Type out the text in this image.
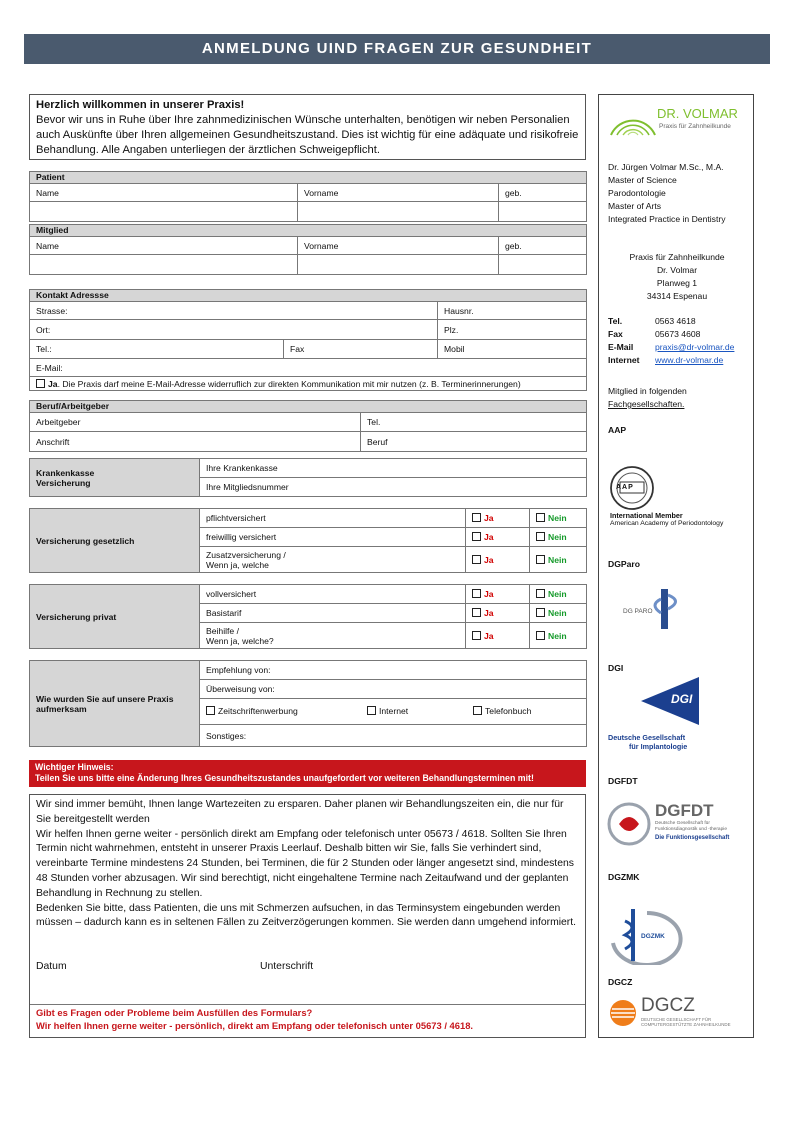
ANMELDUNG UIND FRAGEN ZUR GESUNDHEIT
Herzlich willkommen in unserer Praxis!
Bevor wir uns in Ruhe über Ihre zahnmedizinischen Wünsche unterhalten, benötigen wir neben Personalien auch Auskünfte über Ihren allgemeinen Gesundheitszustand. Dies ist wichtig für eine adäquate und risikofreie Behandlung. Alle Angaben unterliegen der ärztlichen Schweigepflicht.
Patient		
Name	Vorname	geb.

Mitglied		
Name	Vorname	geb.

Kontakt Adressse		
Strasse:		Hausnr.
Ort:		Plz.
Tel.:	Fax	Mobil
E-Mail:		
Ja. Die Praxis darf meine E-Mail-Adresse widerruflich zur direkten Kommunikation mit mir nutzen (z. B. Terminerinnerungen)		
Beruf/Arbeitgeber	
Arbeitgeber	Tel.
Anschrift	Beruf
Krankenkasse
Versicherung
	Ihre Krankenkasse
Ihre Mitgliedsnummer
Versicherung gesetzlich	pflichtversichert	Ja	Nein
	freiwillig versichert	Ja	Nein

	Zusatzversicherung /
Wenn ja, welche	Ja	Nein
Versicherung privat	vollversichert	Ja	Nein
	Basistarif	Ja	Nein

	Beihilfe /
Wenn ja, welche?	Ja	Nein
Wie wurden Sie auf unsere Praxis aufmerksam	Empfehlung von:
Überweisung von:

Zeitschriftenwerbung	Internet	Telefonbuch

Sonstiges:
Wichtiger Hinweis:
Teilen Sie uns bitte eine Änderung Ihres Gesundheitszustandes unaufgefordert vor weiteren Behandlungsterminen mit!
Wir sind immer bemüht, Ihnen lange Wartezeiten zu ersparen. Daher planen wir Behandlungszeiten ein, die nur für Sie bereitgestellt werden
Wir helfen Ihnen gerne weiter - persönlich direkt am Empfang oder telefonisch unter 05673 / 4618. Sollten Sie Ihren Termin nicht wahrnehmen, entsteht in unserer Praxis Leerlauf. Deshalb bitten wir Sie, falls Sie verhindert sind, vereinbarte Termine mindestens 24 Stunden, bei Terminen, die für 2 Stunden oder länger angesetzt sind, mindestens 48 Stunden vorher abzusagen. Wir sind berechtigt, nicht eingehaltene Termine nach Zeitaufwand und der geplanten Behandlung in Rechnung zu stellen.
Bedenken Sie bitte, dass Patienten, die uns mit Schmerzen aufsuchen, in das Terminsystem eingebunden werden müssen – dadurch kann es in seltenen Fällen zu Zeitverzögerungen kommen. Sie werden dann umgehend informiert.
Datum	Unterschrift
Gibt es Fragen oder Probleme beim Ausfüllen des Formulars?
Wir helfen Ihnen gerne weiter - persönlich, direkt am Empfang oder telefonisch unter 05673 / 4618.
DR. VOLMAR
Praxis für Zahnheilkunde
Dr. Jürgen Volmar M.Sc., M.A.
Master of Science
Parodontologie
Master of Arts
Integrated Practice in Dentistry
Praxis für Zahnheilkunde
Dr. Volmar
Planweg 1
34314 Espenau
Tel.	0563 4618
Fax	05673 4608
E-Mail	praxis@dr-volmar.de
Internet www.dr-volmar.de
Mitglied in folgenden
Fachgesellschaften.
AAP
AAP
International Member
American Academy of Periodontology
DGParo
DG PARO
DGI
DGI
Deutsche Gesellschaft
für Implantologie
DGFDT
DGFDT
Deutsche Gesellschaft für
Funktionsdiagnostik und -therapie
Die Funktionsgesellschaft
DGZMK
DGZMK
DGCZ
DGCZ
DEUTSCHE GESELLSCHAFT FÜR
COMPUTERGESTÜTZTE ZAHNHEILKUNDE
